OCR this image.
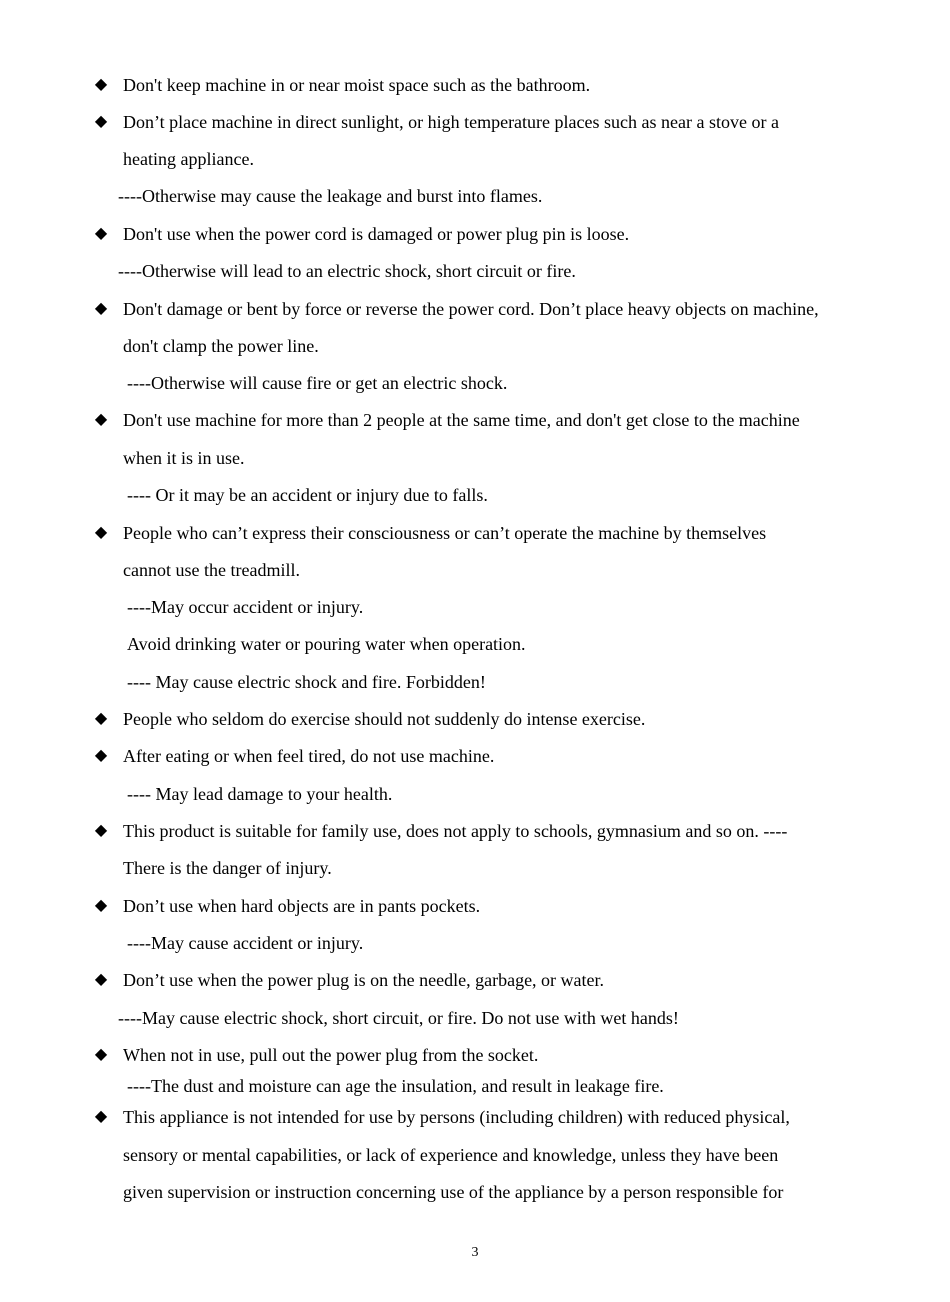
◆ Don't keep machine in or near moist space such as the bathroom.
◆ Don’t place machine in direct sunlight, or high temperature places such as near a stove or a
heating appliance.
----Otherwise may cause the leakage and burst into flames.
◆ Don't use when the power cord is damaged or power plug pin is loose.
----Otherwise will lead to an electric shock, short circuit or fire.
◆ Don't damage or bent by force or reverse the power cord. Don’t place heavy objects on machine,
don't clamp the power line.
----Otherwise will cause fire or get an electric shock.
◆ Don't use machine for more than 2 people at the same time, and don't get close to the machine
when it is in use.
---- Or it may be an accident or injury due to falls.
◆ People who can’t express their consciousness or can’t operate the machine by themselves
cannot use the treadmill.
----May occur accident or injury.
Avoid drinking water or pouring water when operation.
---- May cause electric shock and fire. Forbidden!
◆ People who seldom do exercise should not suddenly do intense exercise.
◆ After eating or when feel tired, do not use machine.
---- May lead damage to your health.
◆ This product is suitable for family use, does not apply to schools, gymnasium and so on. ----
There is the danger of injury.
◆ Don’t use when hard objects are in pants pockets.
----May cause accident or injury.
◆ Don’t use when the power plug is on the needle, garbage, or water.
----May cause electric shock, short circuit, or fire. Do not use with wet hands!
◆ When not in use, pull out the power plug from the socket.
----The dust and moisture can age the insulation, and result in leakage fire.
◆ This appliance is not intended for use by persons (including children) with reduced physical,
sensory or mental capabilities, or lack of experience and knowledge, unless they have been
given supervision or instruction concerning use of the appliance by a person responsible for
3
